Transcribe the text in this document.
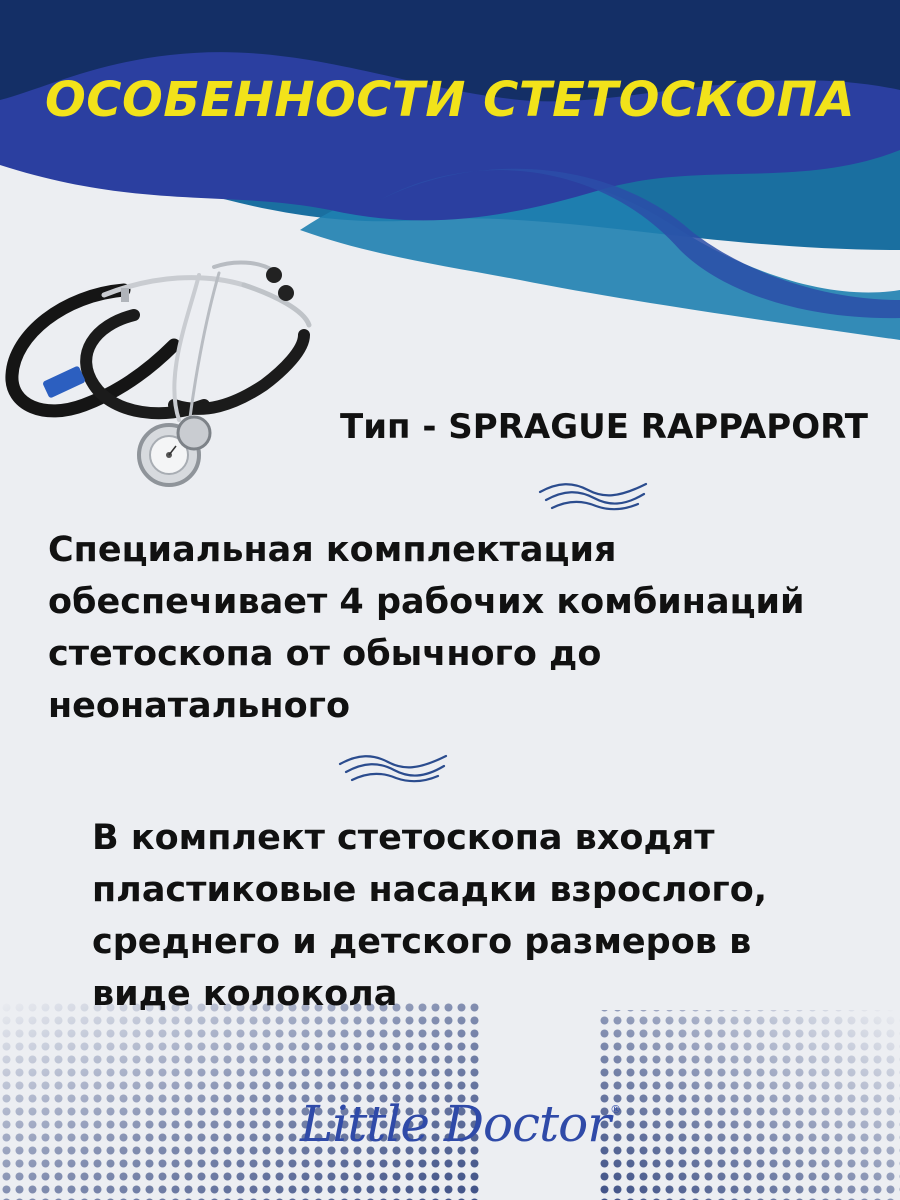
ОСОБЕННОСТИ СТЕТОСКОПА
Тип - SPRAGUE RAPPAPORT
Специальная комплектация
обеспечивает 4 рабочих комбинаций
стетоскопа от обычного до
неонатального
В комплект стетоскопа входят
пластиковые насадки взрослого,
среднего и детского размеров в
виде колокола
Little Doctor®
